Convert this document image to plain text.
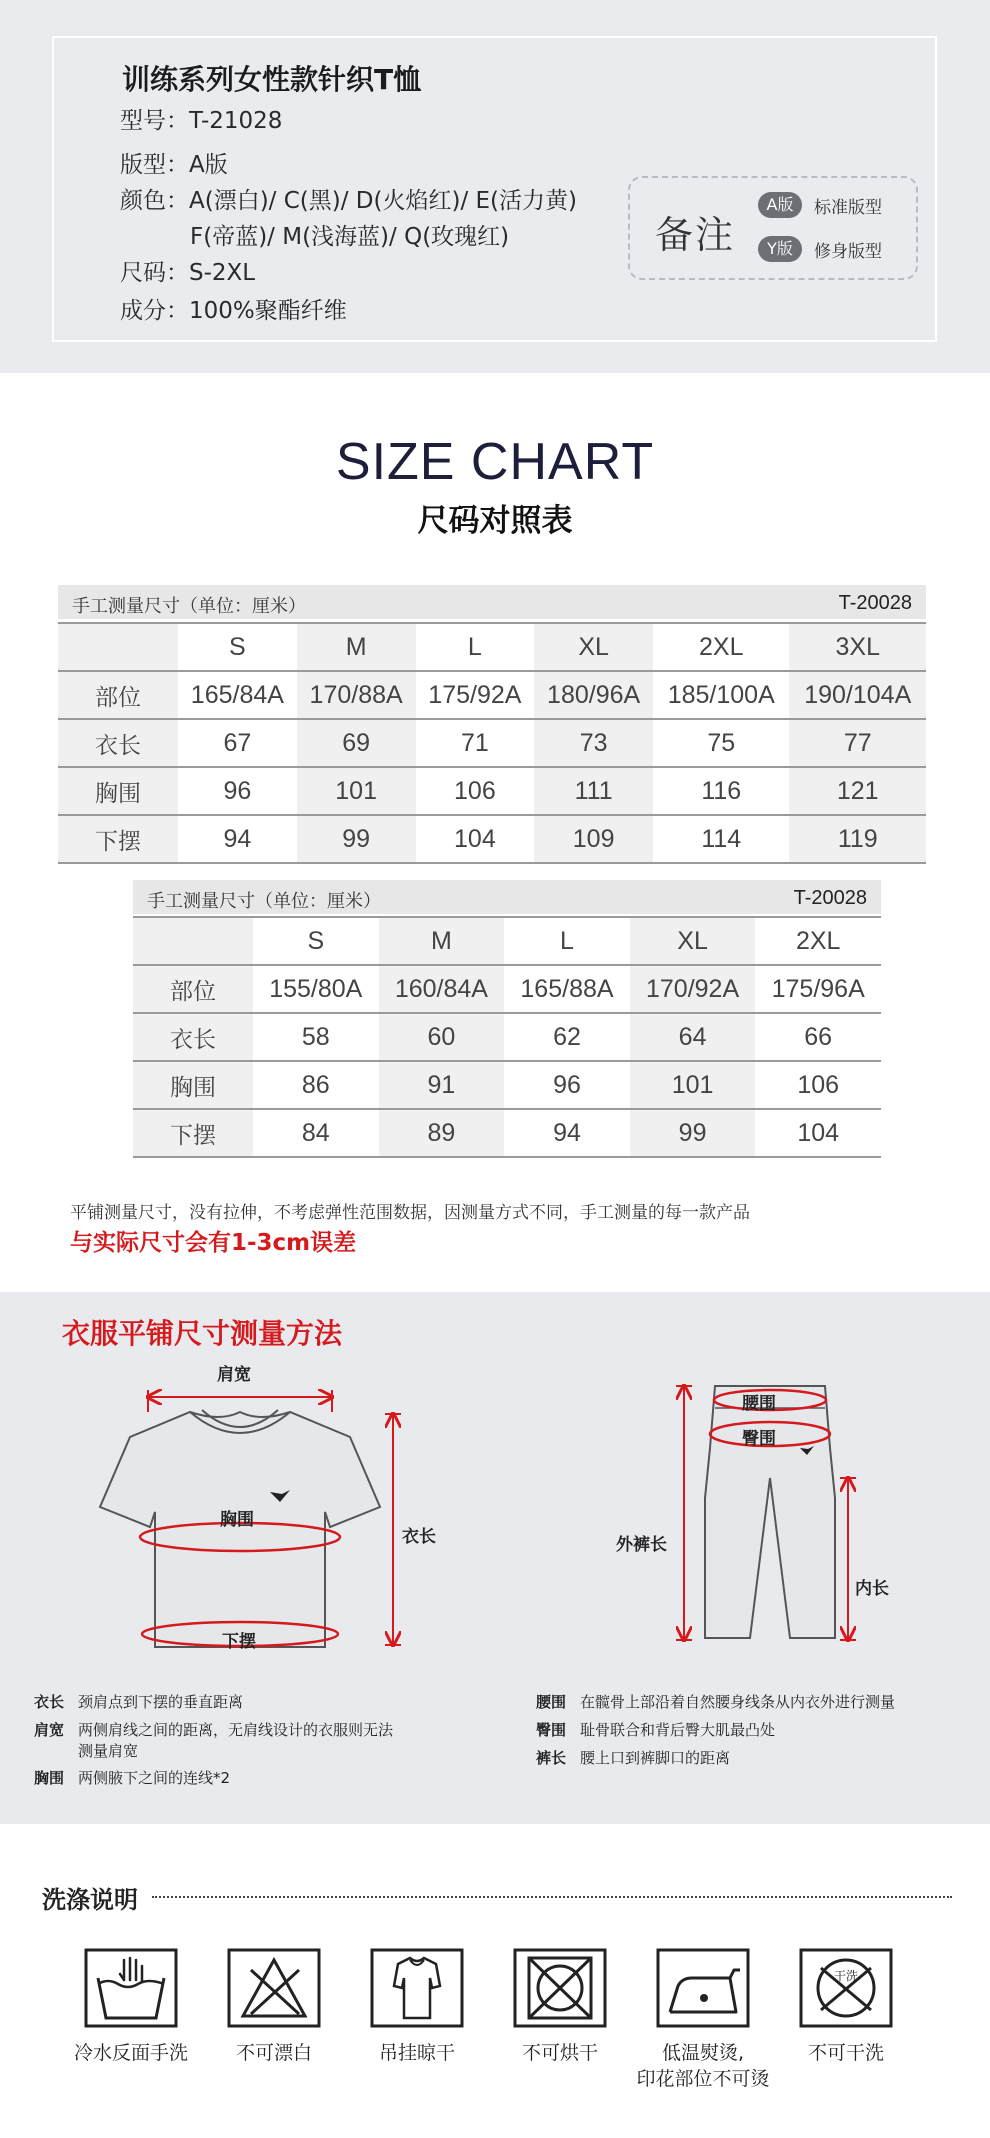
训练系列女性款针织T恤
型号：T-21028
版型：A版
颜色：A(漂白)/ C(黑)/ D(火焰红)/ E(活力黄)
F(帝蓝)/ M(浅海蓝)/ Q(玫瑰红)
尺码：S-2XL
成分：100%聚酯纤维
备注
A版	标准版型
Y版	修身版型
SIZE CHART
尺码对照表
手工测量尺寸（单位：厘米）	T-20028
	S	M	L	XL	2XL	3XL
部位	165/84A	170/88A	175/92A	180/96A	185/100A	190/104A
衣长	67	69	71	73	75	77
胸围	96	101	106	111	116	121
下摆	94	99	104	109	114	119
手工测量尺寸（单位：厘米）	T-20028
	S	M	L	XL	2XL
部位	155/80A	160/84A	165/88A	170/92A	175/96A
衣长	58	60	62	64	66
胸围	86	91	96	101	106
下摆	84	89	94	99	104
平铺测量尺寸，没有拉伸，不考虑弹性范围数据，因测量方式不同，手工测量的每一款产品
与实际尺寸会有1-3cm误差
衣服平铺尺寸测量方法
肩宽
胸围
下摆
衣长
腰围
臀围
外裤长
内长
衣长 颈肩点到下摆的垂直距离
肩宽 两侧肩线之间的距离，无肩线设计的衣服则无法
测量肩宽
胸围 两侧腋下之间的连线*2
腰围 在髋骨上部沿着自然腰身线条从内衣外进行测量
臀围 耻骨联合和背后臀大肌最凸处
裤长 腰上口到裤脚口的距离
洗涤说明
冷水反面手洗	不可漂白	吊挂晾干	不可烘干	低温熨烫,
印花部位不可烫
干洗
不可干洗
